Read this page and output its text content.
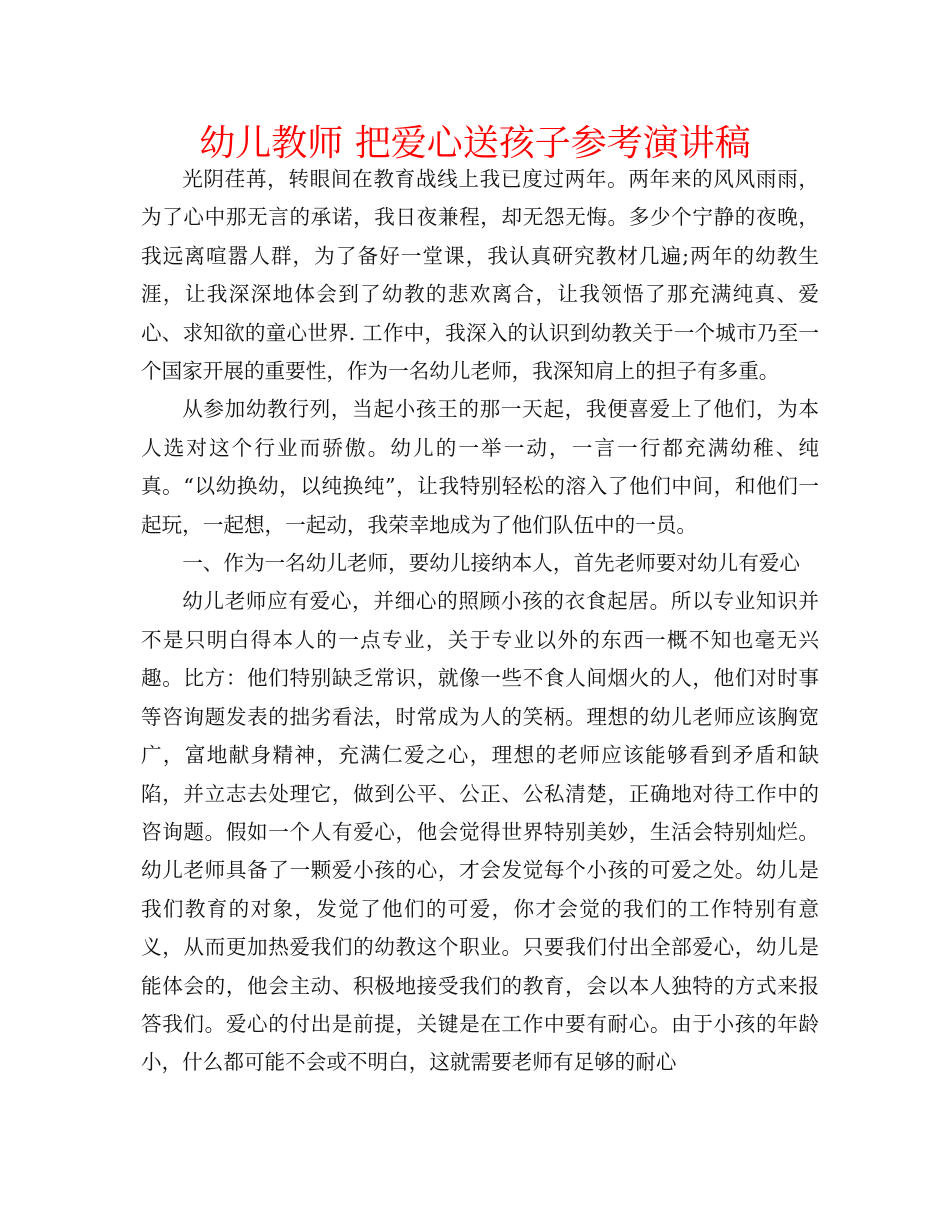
幼儿教师 把爱心送孩子参考演讲稿

光阴荏苒，转眼间在教育战线上我已度过两年。两年来的风风雨雨，为了心中那无言的承诺，我日夜兼程，却无怨无悔。多少个宁静的夜晚，我远离喧嚣人群，为了备好一堂课，我认真研究教材几遍;两年的幼教生涯，让我深深地体会到了幼教的悲欢离合，让我领悟了那充满纯真、爱心、求知欲的童心世界. 工作中，我深入的认识到幼教关于一个城市乃至一个国家开展的重要性，作为一名幼儿老师，我深知肩上的担子有多重。

从参加幼教行列，当起小孩王的那一天起，我便喜爱上了他们，为本人选对这个行业而骄傲。幼儿的一举一动，一言一行都充满幼稚、纯真。“以幼换幼，以纯换纯”，让我特别轻松的溶入了他们中间，和他们一起玩，一起想，一起动，我荣幸地成为了他们队伍中的一员。

一、作为一名幼儿老师，要幼儿接纳本人，首先老师要对幼儿有爱心

幼儿老师应有爱心，并细心的照顾小孩的衣食起居。所以专业知识并不是只明白得本人的一点专业，关于专业以外的东西一概不知也毫无兴趣。比方：他们特别缺乏常识，就像一些不食人间烟火的人，他们对时事等咨询题发表的拙劣看法，时常成为人的笑柄。理想的幼儿老师应该胸宽广，富地献身精神，充满仁爱之心，理想的老师应该能够看到矛盾和缺陷，并立志去处理它，做到公平、公正、公私清楚，正确地对待工作中的咨询题。假如一个人有爱心，他会觉得世界特别美妙，生活会特别灿烂。幼儿老师具备了一颗爱小孩的心，才会发觉每个小孩的可爱之处。幼儿是我们教育的对象，发觉了他们的可爱，你才会觉的我们的工作特别有意义，从而更加热爱我们的幼教这个职业。只要我们付出全部爱心，幼儿是能体会的，他会主动、积极地接受我们的教育，会以本人独特的方式来报答我们。爱心的付出是前提，关键是在工作中要有耐心。由于小孩的年龄小，什么都可能不会或不明白，这就需要老师有足够的耐心
